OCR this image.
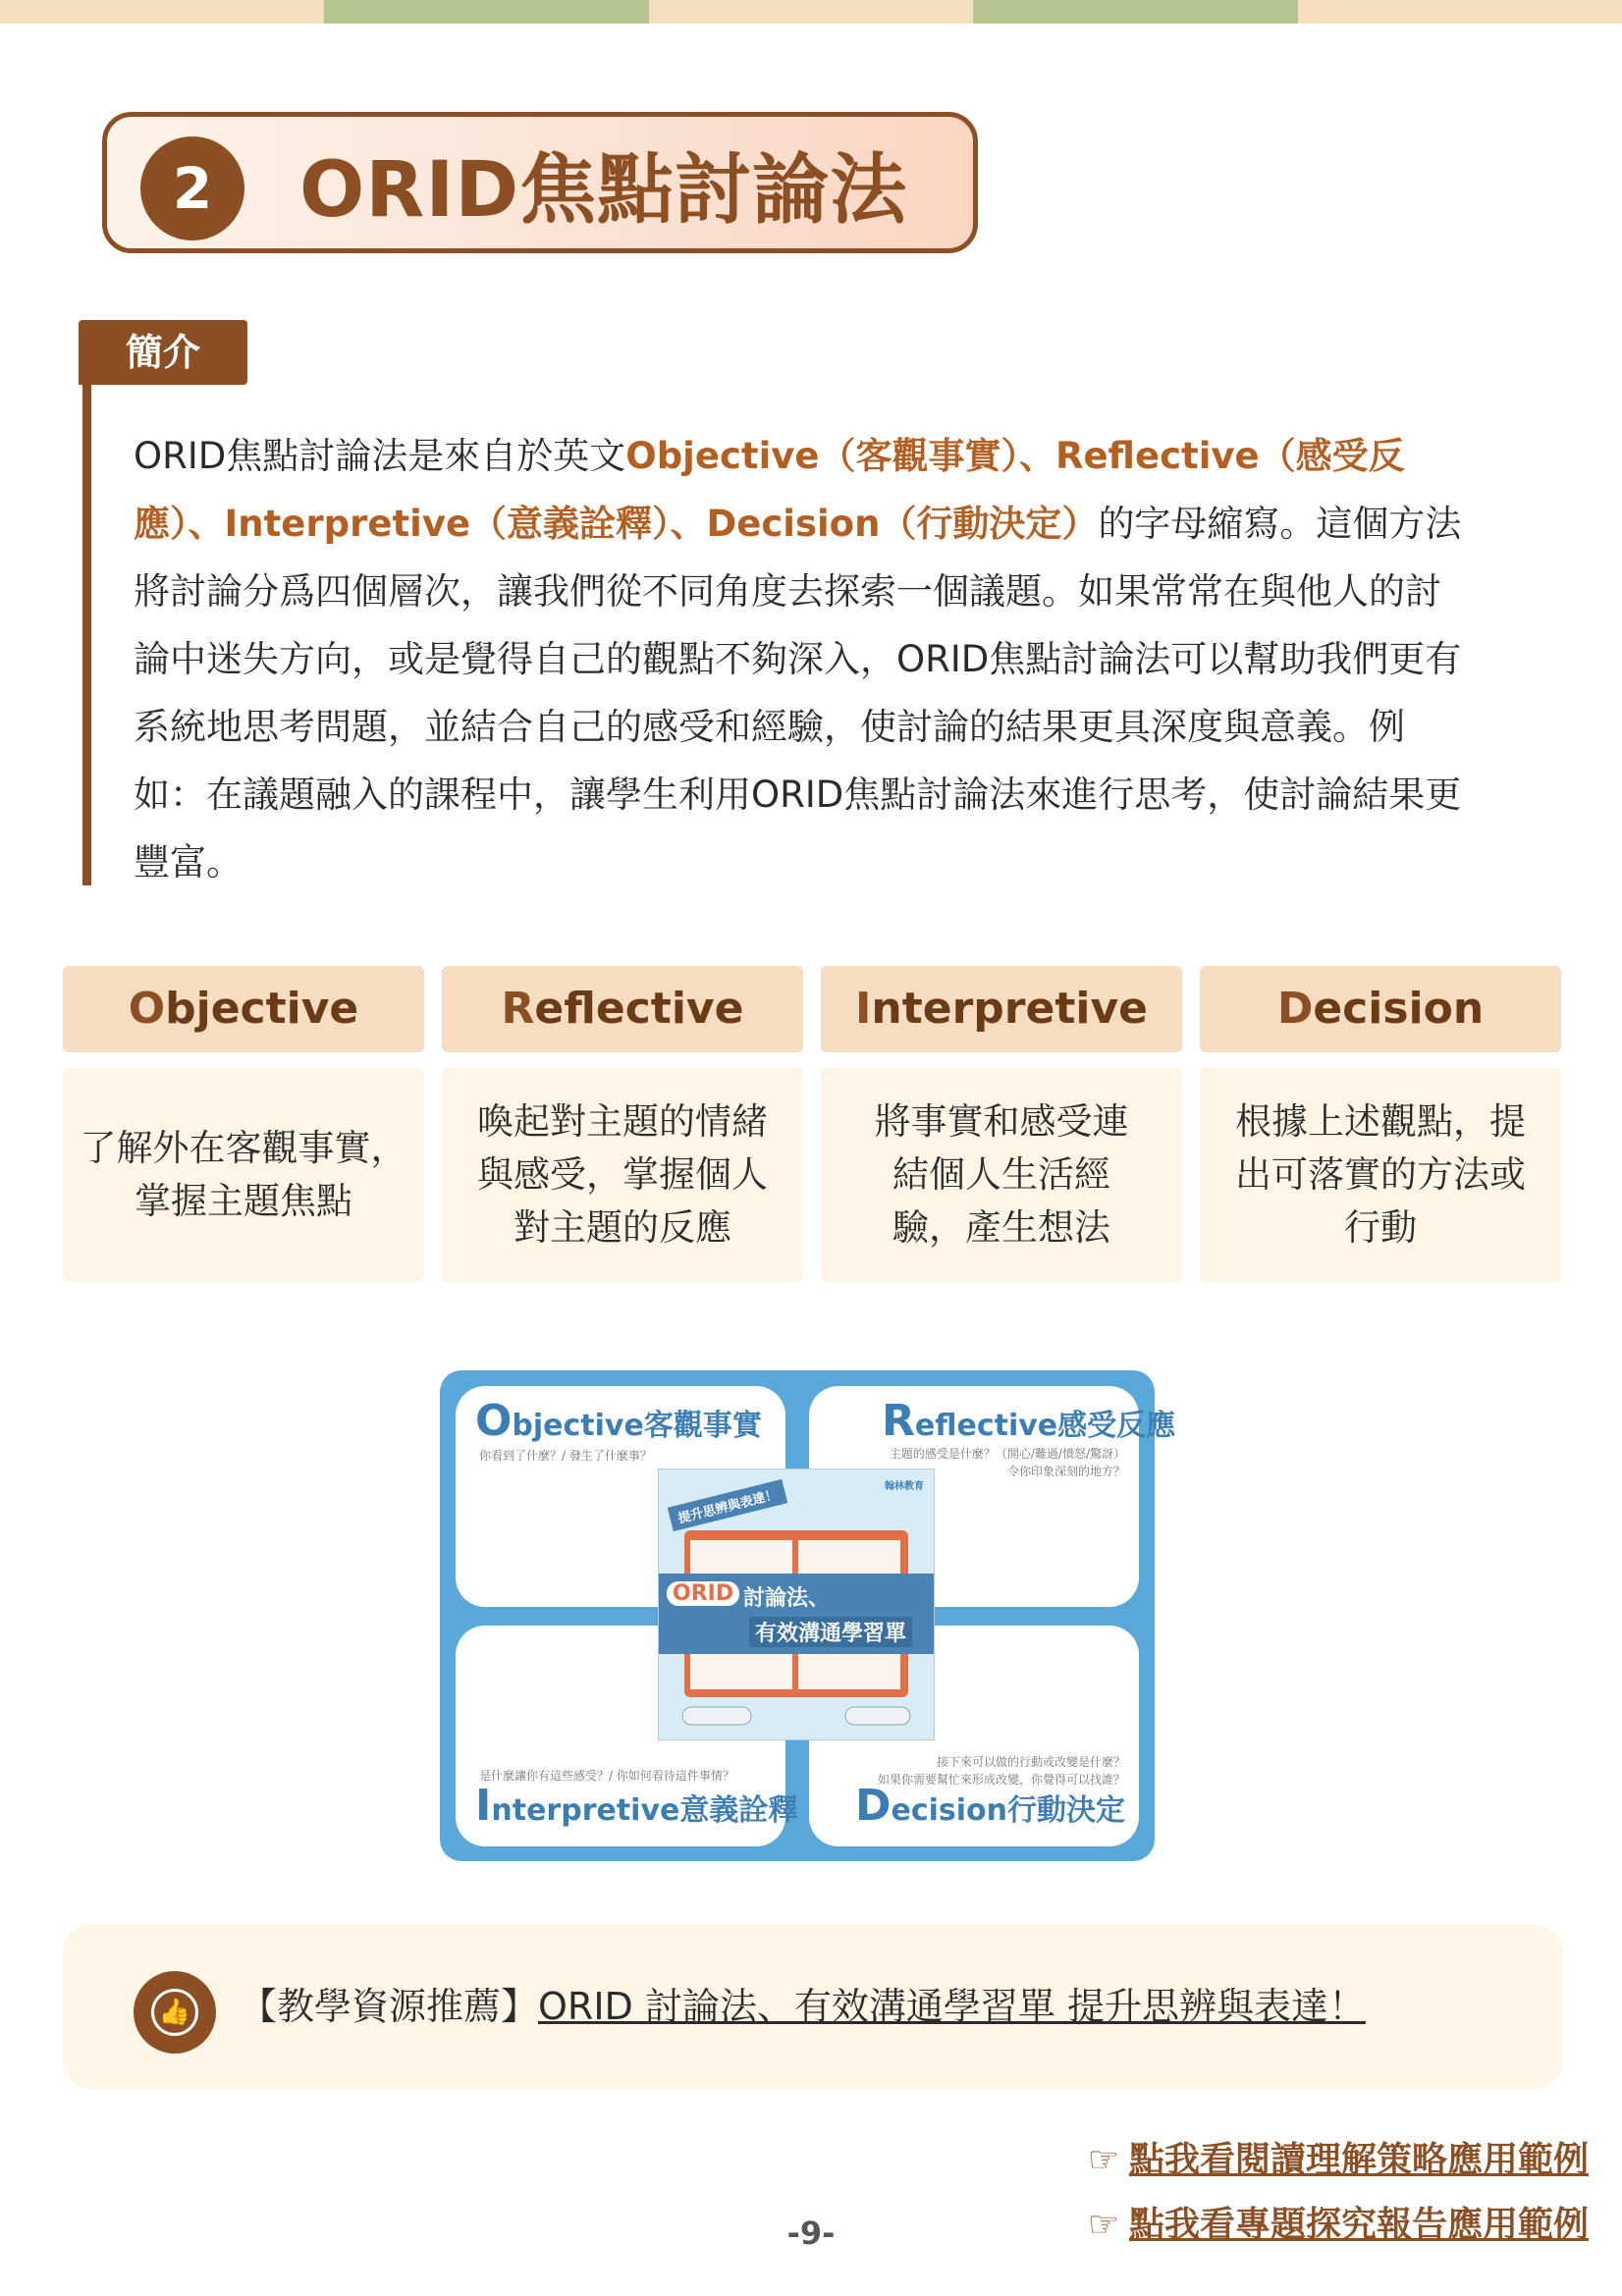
2	ORID焦點討論法
簡介
ORID焦點討論法是來自於英文Objective（客觀事實）、Reflective（感受反應）、Interpretive（意義詮釋）、Decision（行動決定）的字母縮寫。這個方法將討論分爲四個層次，讓我們從不同角度去探索一個議題。如果常常在與他人的討論中迷失方向，或是覺得自己的觀點不夠深入，ORID焦點討論法可以幫助我們更有系統地思考問題，並結合自己的感受和經驗，使討論的結果更具深度與意義。例如：在議題融入的課程中，讓學生利用ORID焦點討論法來進行思考，使討論結果更豐富。
Objective
了解外在客觀事實，掌握主題焦點
Reflective
喚起對主題的情緒與感受，掌握個人對主題的反應
Interpretive
將事實和感受連結個人生活經驗，產生想法
Decision
根據上述觀點，提出可落實的方法或行動
Objective客觀事實
你看到了什麼？/ 發生了什麼事？
Reflective感受反應
主題的感受是什麼？（開心/難過/憤怒/驚訝）
令你印象深刻的地方？
是什麼讓你有這些感受？/ 你如何看待這件事情？
Interpretive意義詮釋
接下來可以做的行動或改變是什麼？
如果你需要幫忙來形成改變，你覺得可以找誰？
Decision行動決定
翰林教育
提升思辨與表達！
ORID 討論法、
有效溝通學習單
👍 【教學資源推薦】ORID 討論法、有效溝通學習單 提升思辨與表達！
☞ 點我看閱讀理解策略應用範例
☞ 點我看專題探究報告應用範例
-9-
